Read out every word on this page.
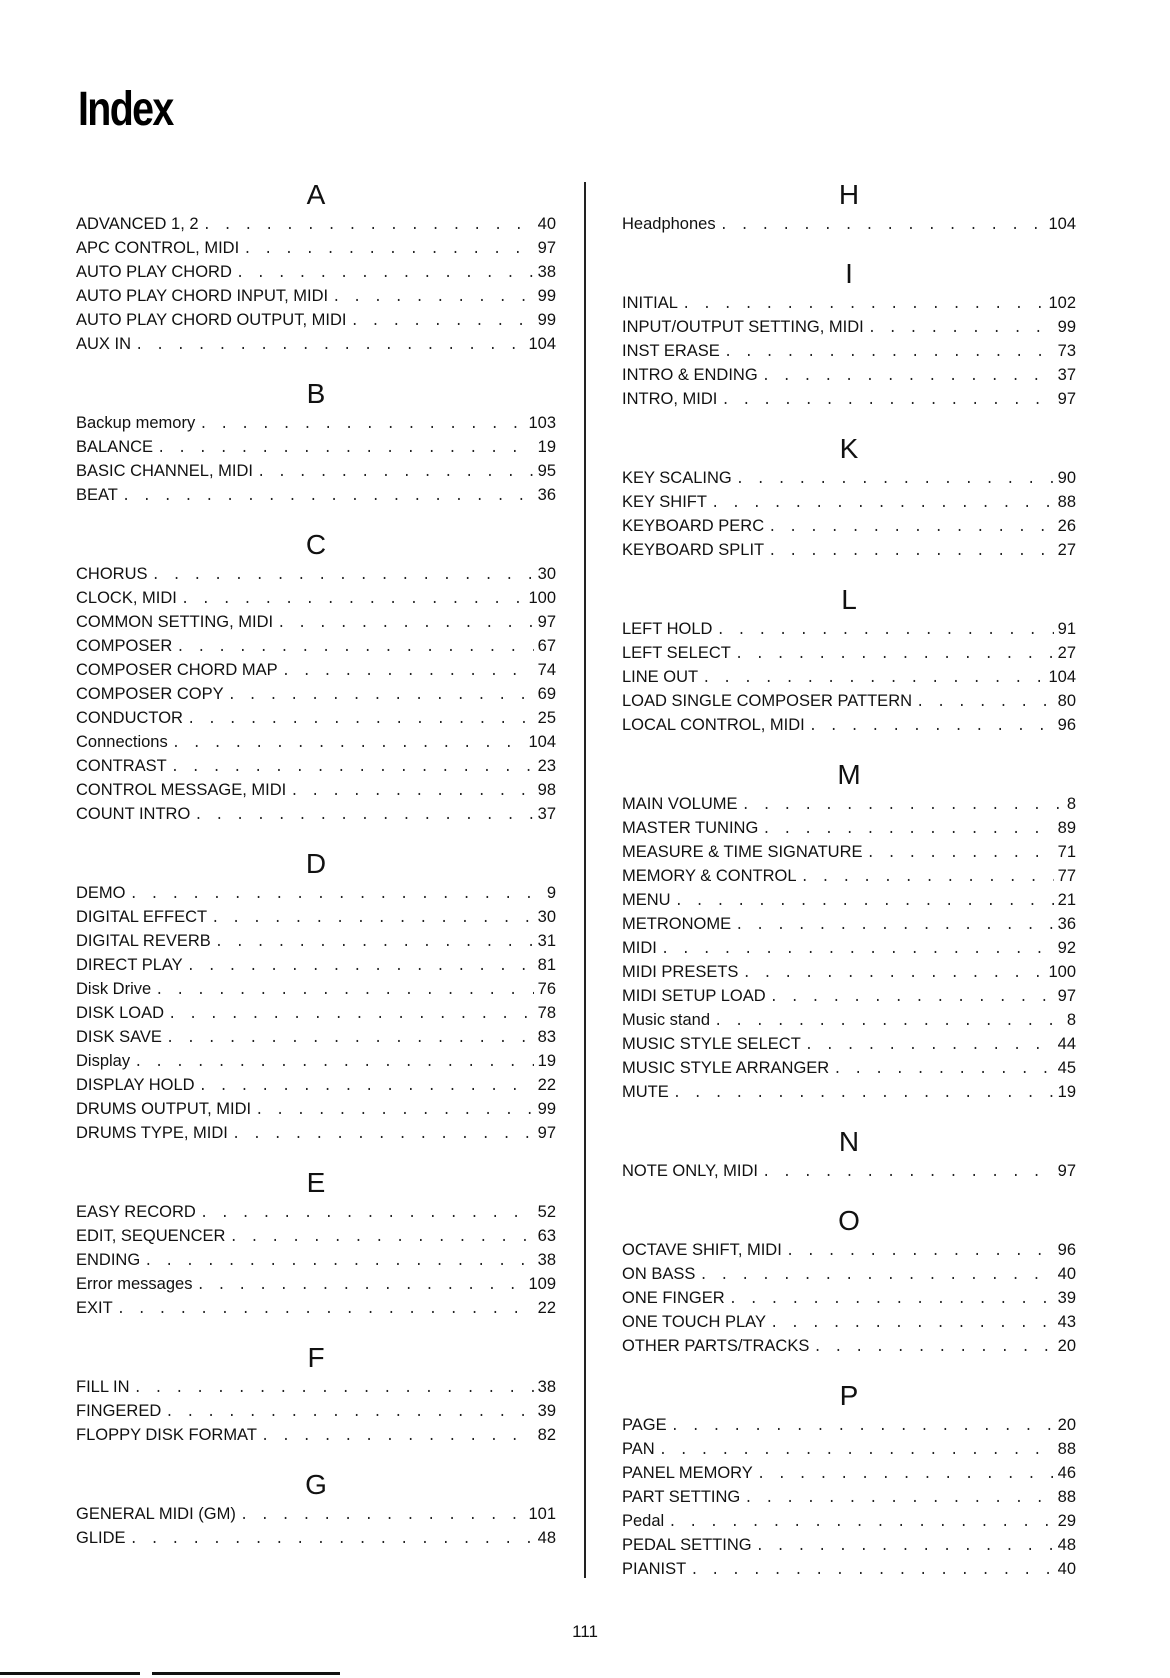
Index
A
ADVANCED 1, 2 . . .	40
APC CONTROL, MIDI . . .	97
AUTO PLAY CHORD . . .	38
AUTO PLAY CHORD INPUT, MIDI . . .	99
AUTO PLAY CHORD OUTPUT, MIDI . . .	99
AUX IN . . .	104
B
Backup memory . . .	103
BALANCE . . .	19
BASIC CHANNEL, MIDI . . .	95
BEAT . . .	36
C
CHORUS . . .	30
CLOCK, MIDI . . .	100
COMMON SETTING, MIDI . . .	97
COMPOSER . . .	67
COMPOSER CHORD MAP . . .	74
COMPOSER COPY . . .	69
CONDUCTOR . . .	25
Connections . . .	104
CONTRAST . . .	23
CONTROL MESSAGE, MIDI . . .	98
COUNT INTRO . . .	37
D
DEMO . . .	9
DIGITAL EFFECT . . .	30
DIGITAL REVERB . . .	31
DIRECT PLAY . . .	81
Disk Drive . . .	76
DISK LOAD . . .	78
DISK SAVE . . .	83
Display . . .	19
DISPLAY HOLD . . .	22
DRUMS OUTPUT, MIDI . . .	99
DRUMS TYPE, MIDI . . .	97
E
EASY RECORD . . .	52
EDIT, SEQUENCER . . .	63
ENDING . . .	38
Error messages . . .	109
EXIT . . .	22
F
FILL IN . . .	38
FINGERED . . .	39
FLOPPY DISK FORMAT . . .	82
G
GENERAL MIDI (GM) . . .	101
GLIDE . . .	48
H
Headphones . . .	104
I
INITIAL . . .	102
INPUT/OUTPUT SETTING, MIDI . . .	99
INST ERASE . . .	73
INTRO & ENDING . . .	37
INTRO, MIDI . . .	97
K
KEY SCALING . . .	90
KEY SHIFT . . .	88
KEYBOARD PERC . . .	26
KEYBOARD SPLIT . . .	27
L
LEFT HOLD . . .	91
LEFT SELECT . . .	27
LINE OUT . . .	104
LOAD SINGLE COMPOSER PATTERN . . .	80
LOCAL CONTROL, MIDI . . .	96
M
MAIN VOLUME . . .	8
MASTER TUNING . . .	89
MEASURE & TIME SIGNATURE . . .	71
MEMORY & CONTROL . . .	77
MENU . . .	21
METRONOME . . .	36
MIDI . . .	92
MIDI PRESETS . . .	100
MIDI SETUP LOAD . . .	97
Music stand . . .	8
MUSIC STYLE SELECT . . .	44
MUSIC STYLE ARRANGER . . .	45
MUTE . . .	19
N
NOTE ONLY, MIDI . . .	97
O
OCTAVE SHIFT, MIDI . . .	96
ON BASS . . .	40
ONE FINGER . . .	39
ONE TOUCH PLAY . . .	43
OTHER PARTS/TRACKS . . .	20
P
PAGE . . .	20
PAN . . .	88
PANEL MEMORY . . .	46
PART SETTING . . .	88
Pedal . . .	29
PEDAL SETTING . . .	48
PIANIST . . .	40
111
